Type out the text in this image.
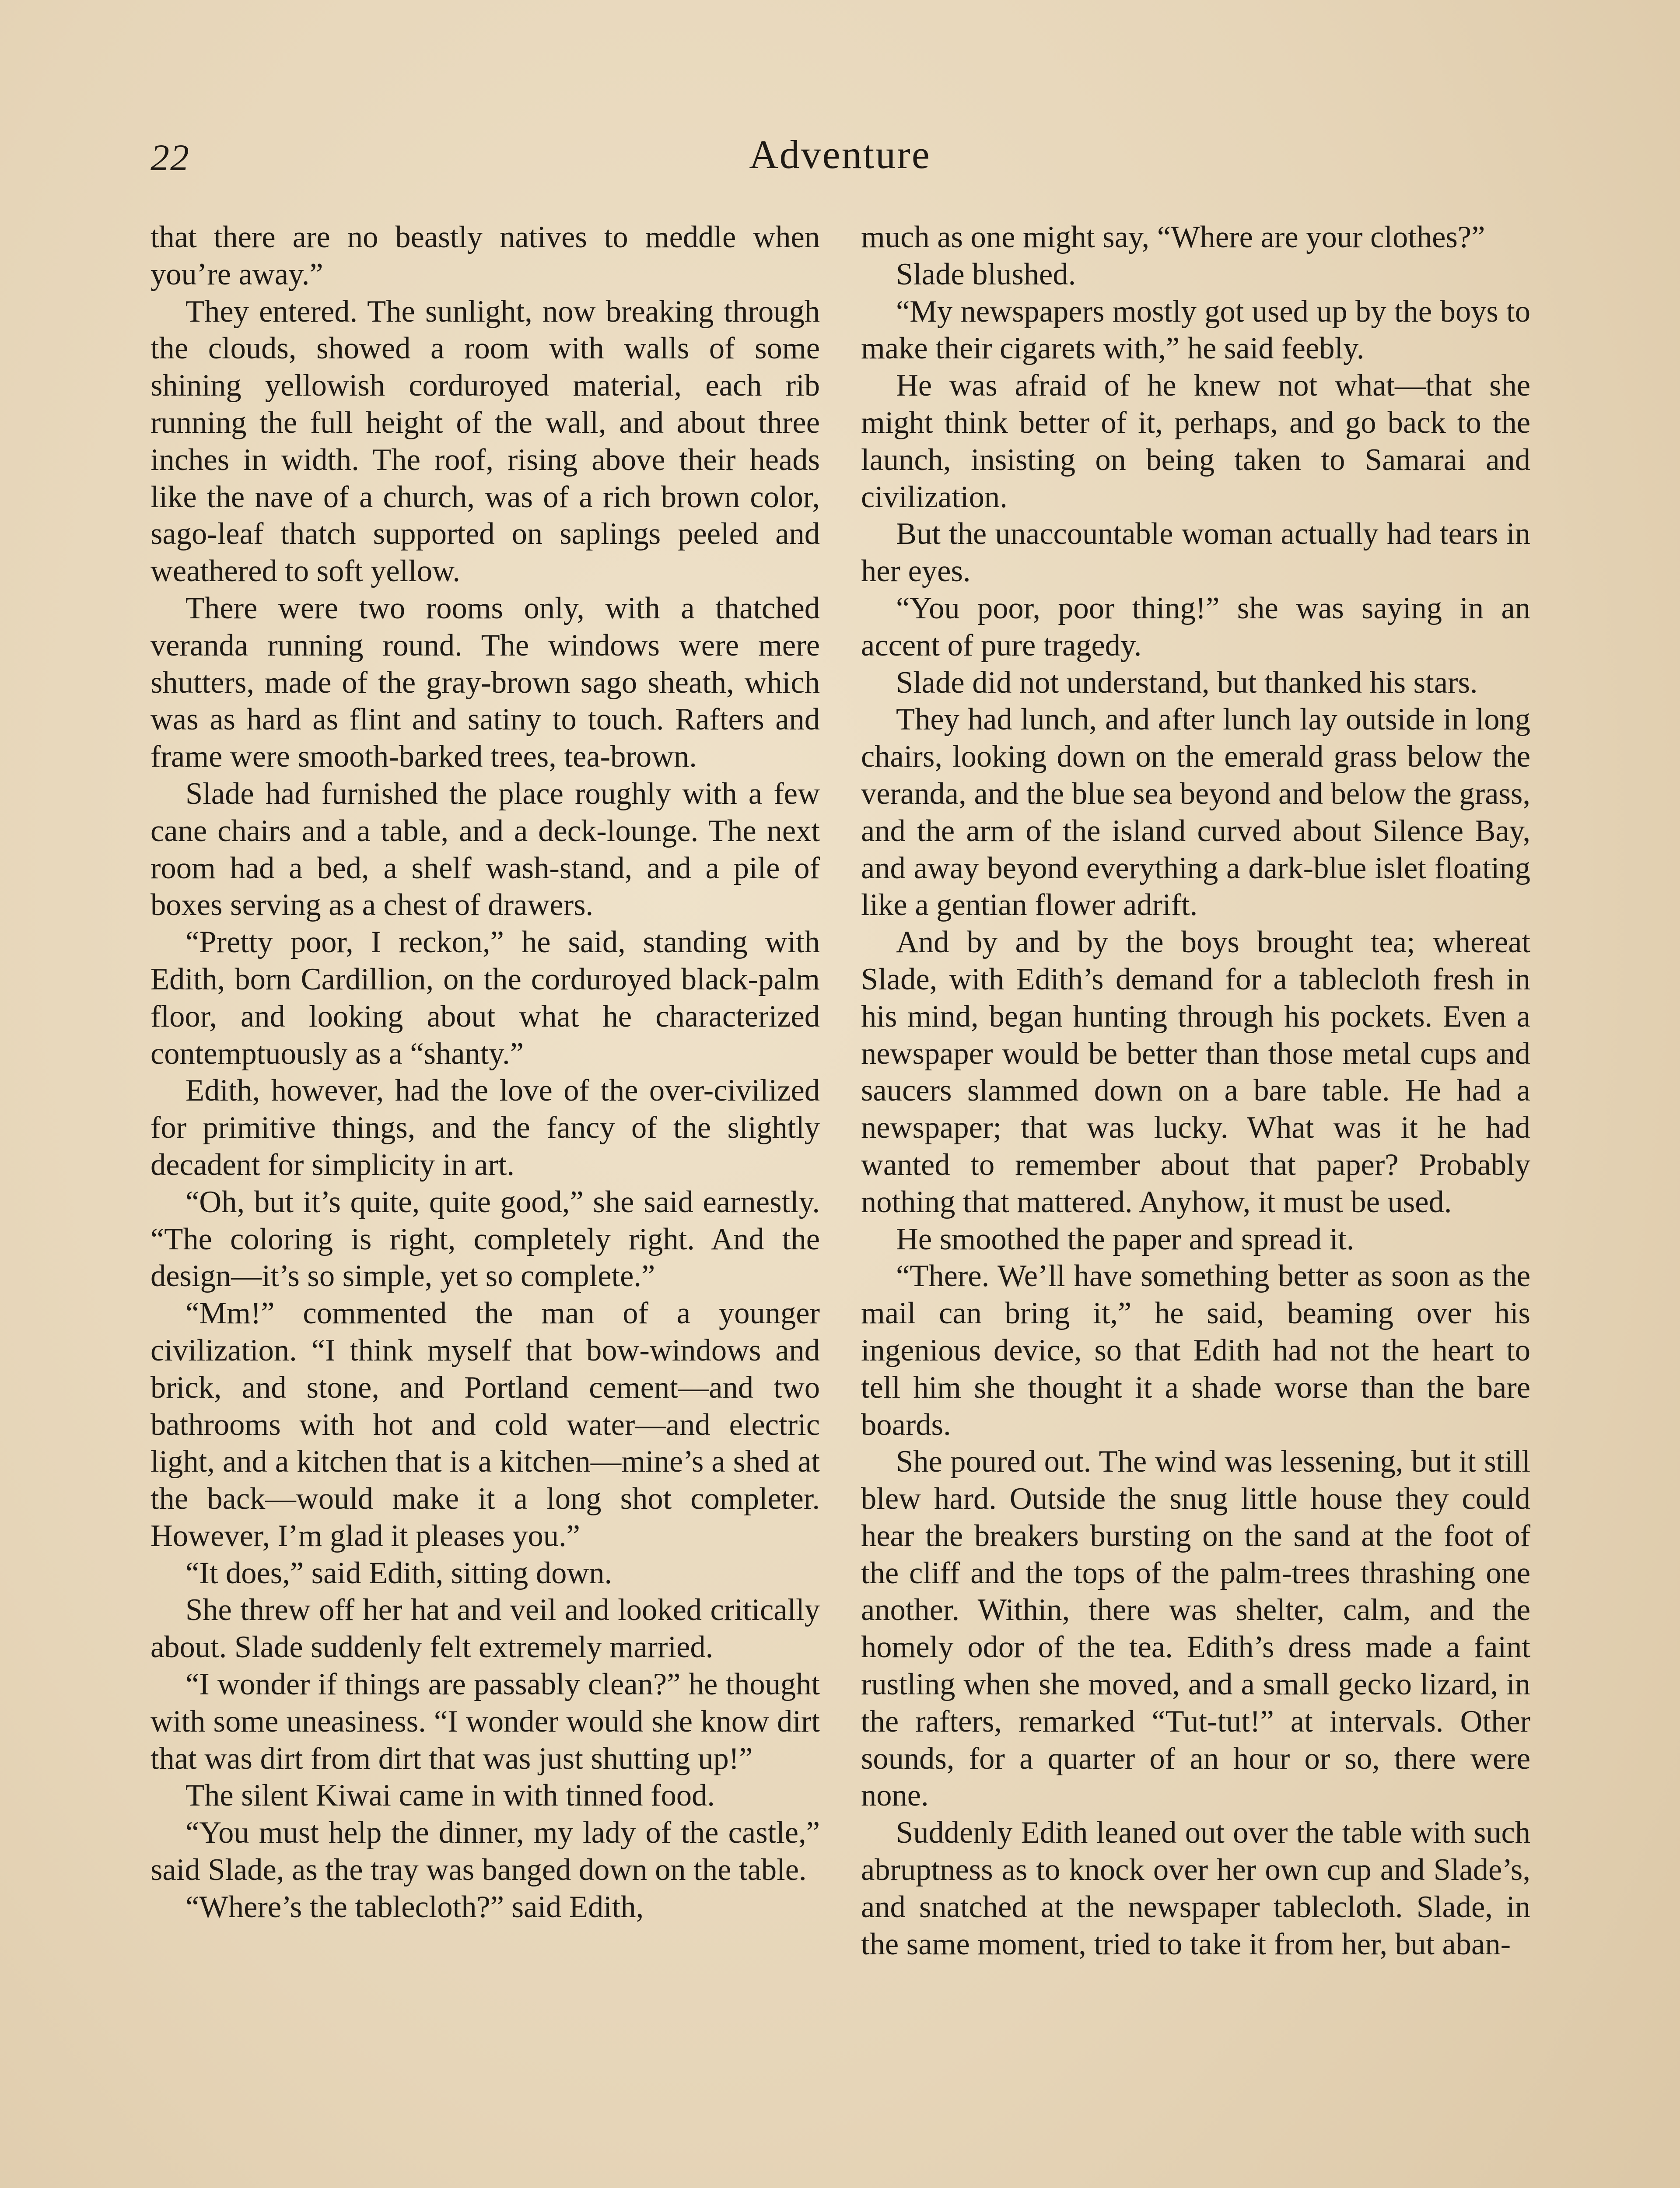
22	Adventure

that there are no beastly natives to meddle when you’re away.”

They entered. The sunlight, now breaking through the clouds, showed a room with walls of some shining yellowish corduroyed material, each rib running the full height of the wall, and about three inches in width. The roof, rising above their heads like the nave of a church, was of a rich brown color, sago-leaf thatch supported on saplings peeled and weathered to soft yellow.

There were two rooms only, with a thatched veranda running round. The windows were mere shutters, made of the gray-brown sago sheath, which was as hard as flint and satiny to touch. Rafters and frame were smooth-barked trees, tea-brown.

Slade had furnished the place roughly with a few cane chairs and a table, and a deck-lounge. The next room had a bed, a shelf wash-stand, and a pile of boxes serving as a chest of drawers.

“Pretty poor, I reckon,” he said, standing with Edith, born Cardillion, on the corduroyed black-palm floor, and looking about what he characterized contemptuously as a “shanty.”

Edith, however, had the love of the over-civilized for primitive things, and the fancy of the slightly decadent for simplicity in art.

“Oh, but it’s quite, quite good,” she said earnestly. “The coloring is right, completely right. And the design—it’s so simple, yet so complete.”

“Mm!” commented the man of a younger civilization. “I think myself that bow-windows and brick, and stone, and Portland cement—and two bathrooms with hot and cold water—and electric light, and a kitchen that is a kitchen—mine’s a shed at the back—would make it a long shot completer. However, I’m glad it pleases you.”

“It does,” said Edith, sitting down.

She threw off her hat and veil and looked critically about. Slade suddenly felt extremely married.

“I wonder if things are passably clean?” he thought with some uneasiness. “I wonder would she know dirt that was dirt from dirt that was just shutting up!”

The silent Kiwai came in with tinned food.

“You must help the dinner, my lady of the castle,” said Slade, as the tray was banged down on the table.

“Where’s the tablecloth?” said Edith,

much as one might say, “Where are your clothes?”

Slade blushed.

“My newspapers mostly got used up by the boys to make their cigarets with,” he said feebly.

He was afraid of he knew not what—that she might think better of it, perhaps, and go back to the launch, insisting on being taken to Samarai and civilization.

But the unaccountable woman actually had tears in her eyes.

“You poor, poor thing!” she was saying in an accent of pure tragedy.

Slade did not understand, but thanked his stars.

They had lunch, and after lunch lay outside in long chairs, looking down on the emerald grass below the veranda, and the blue sea beyond and below the grass, and the arm of the island curved about Silence Bay, and away beyond everything a dark-blue islet floating like a gentian flower adrift.

And by and by the boys brought tea; whereat Slade, with Edith’s demand for a tablecloth fresh in his mind, began hunting through his pockets. Even a newspaper would be better than those metal cups and saucers slammed down on a bare table. He had a newspaper; that was lucky. What was it he had wanted to remember about that paper? Probably nothing that mattered. Anyhow, it must be used.

He smoothed the paper and spread it.

“There. We’ll have something better as soon as the mail can bring it,” he said, beaming over his ingenious device, so that Edith had not the heart to tell him she thought it a shade worse than the bare boards.

She poured out. The wind was lessening, but it still blew hard. Outside the snug little house they could hear the breakers bursting on the sand at the foot of the cliff and the tops of the palm-trees thrashing one another. Within, there was shelter, calm, and the homely odor of the tea. Edith’s dress made a faint rustling when she moved, and a small gecko lizard, in the rafters, remarked “Tut-tut!” at intervals. Other sounds, for a quarter of an hour or so, there were none.

Suddenly Edith leaned out over the table with such abruptness as to knock over her own cup and Slade’s, and snatched at the newspaper tablecloth. Slade, in the same moment, tried to take it from her, but aban-
